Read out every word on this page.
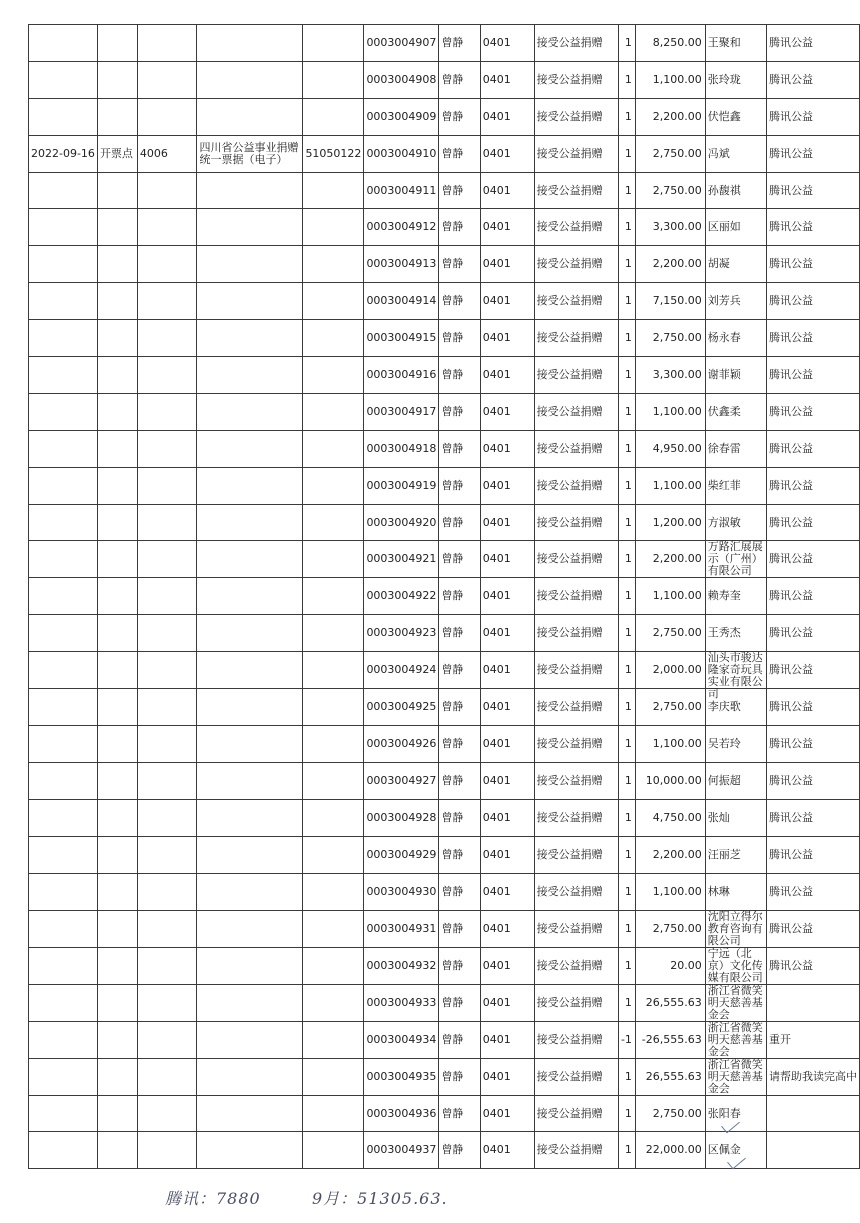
					0003004907	曾静	0401	接受公益捐赠	1	8,250.00	王聚和	腾讯公益
					0003004908	曾静	0401	接受公益捐赠	1	1,100.00	张玲珑	腾讯公益
					0003004909	曾静	0401	接受公益捐赠	1	2,200.00	伏恺鑫	腾讯公益
2022-09-16	开票点	4006	四川省公益事业捐赠统一票据（电子）	51050122	0003004910	曾静	0401	接受公益捐赠	1	2,750.00	冯斌	腾讯公益
					0003004911	曾静	0401	接受公益捐赠	1	2,750.00	孙馥祺	腾讯公益
					0003004912	曾静	0401	接受公益捐赠	1	3,300.00	区丽如	腾讯公益
					0003004913	曾静	0401	接受公益捐赠	1	2,200.00	胡凝	腾讯公益
					0003004914	曾静	0401	接受公益捐赠	1	7,150.00	刘芳兵	腾讯公益
					0003004915	曾静	0401	接受公益捐赠	1	2,750.00	杨永春	腾讯公益
					0003004916	曾静	0401	接受公益捐赠	1	3,300.00	谢菲颖	腾讯公益
					0003004917	曾静	0401	接受公益捐赠	1	1,100.00	伏鑫柔	腾讯公益
					0003004918	曾静	0401	接受公益捐赠	1	4,950.00	徐春雷	腾讯公益
					0003004919	曾静	0401	接受公益捐赠	1	1,100.00	柴红菲	腾讯公益
					0003004920	曾静	0401	接受公益捐赠	1	1,200.00	方淑敏	腾讯公益
					0003004921	曾静	0401	接受公益捐赠	1	2,200.00	万路汇展展示（广州）有限公司	腾讯公益
					0003004922	曾静	0401	接受公益捐赠	1	1,100.00	赖寿奎	腾讯公益
					0003004923	曾静	0401	接受公益捐赠	1	2,750.00	王秀杰	腾讯公益
					0003004924	曾静	0401	接受公益捐赠	1	2,000.00	汕头市骏达隆家奇玩具实业有限公司	腾讯公益
					0003004925	曾静	0401	接受公益捐赠	1	2,750.00	李庆歌	腾讯公益
					0003004926	曾静	0401	接受公益捐赠	1	1,100.00	吴若玲	腾讯公益
					0003004927	曾静	0401	接受公益捐赠	1	10,000.00	何振超	腾讯公益
					0003004928	曾静	0401	接受公益捐赠	1	4,750.00	张灿	腾讯公益
					0003004929	曾静	0401	接受公益捐赠	1	2,200.00	汪丽芝	腾讯公益
					0003004930	曾静	0401	接受公益捐赠	1	1,100.00	林琳	腾讯公益
					0003004931	曾静	0401	接受公益捐赠	1	2,750.00	沈阳立得尔教育咨询有限公司	腾讯公益
					0003004932	曾静	0401	接受公益捐赠	1	20.00	宁远（北京）文化传媒有限公司	腾讯公益
					0003004933	曾静	0401	接受公益捐赠	1	26,555.63	浙江省微笑明天慈善基金会	

					0003004934	曾静	0401	接受公益捐赠	-1	-26,555.63	浙江省微笑明天慈善基金会	重开
					0003004935	曾静	0401	接受公益捐赠	1	26,555.63	浙江省微笑明天慈善基金会	请帮助我读完高中
					0003004936	曾静	0401	接受公益捐赠	1	2,750.00	张阳春	

					0003004937	曾静	0401	接受公益捐赠	1	22,000.00	区佩金	

腾讯：7880	9月：51305.63.
